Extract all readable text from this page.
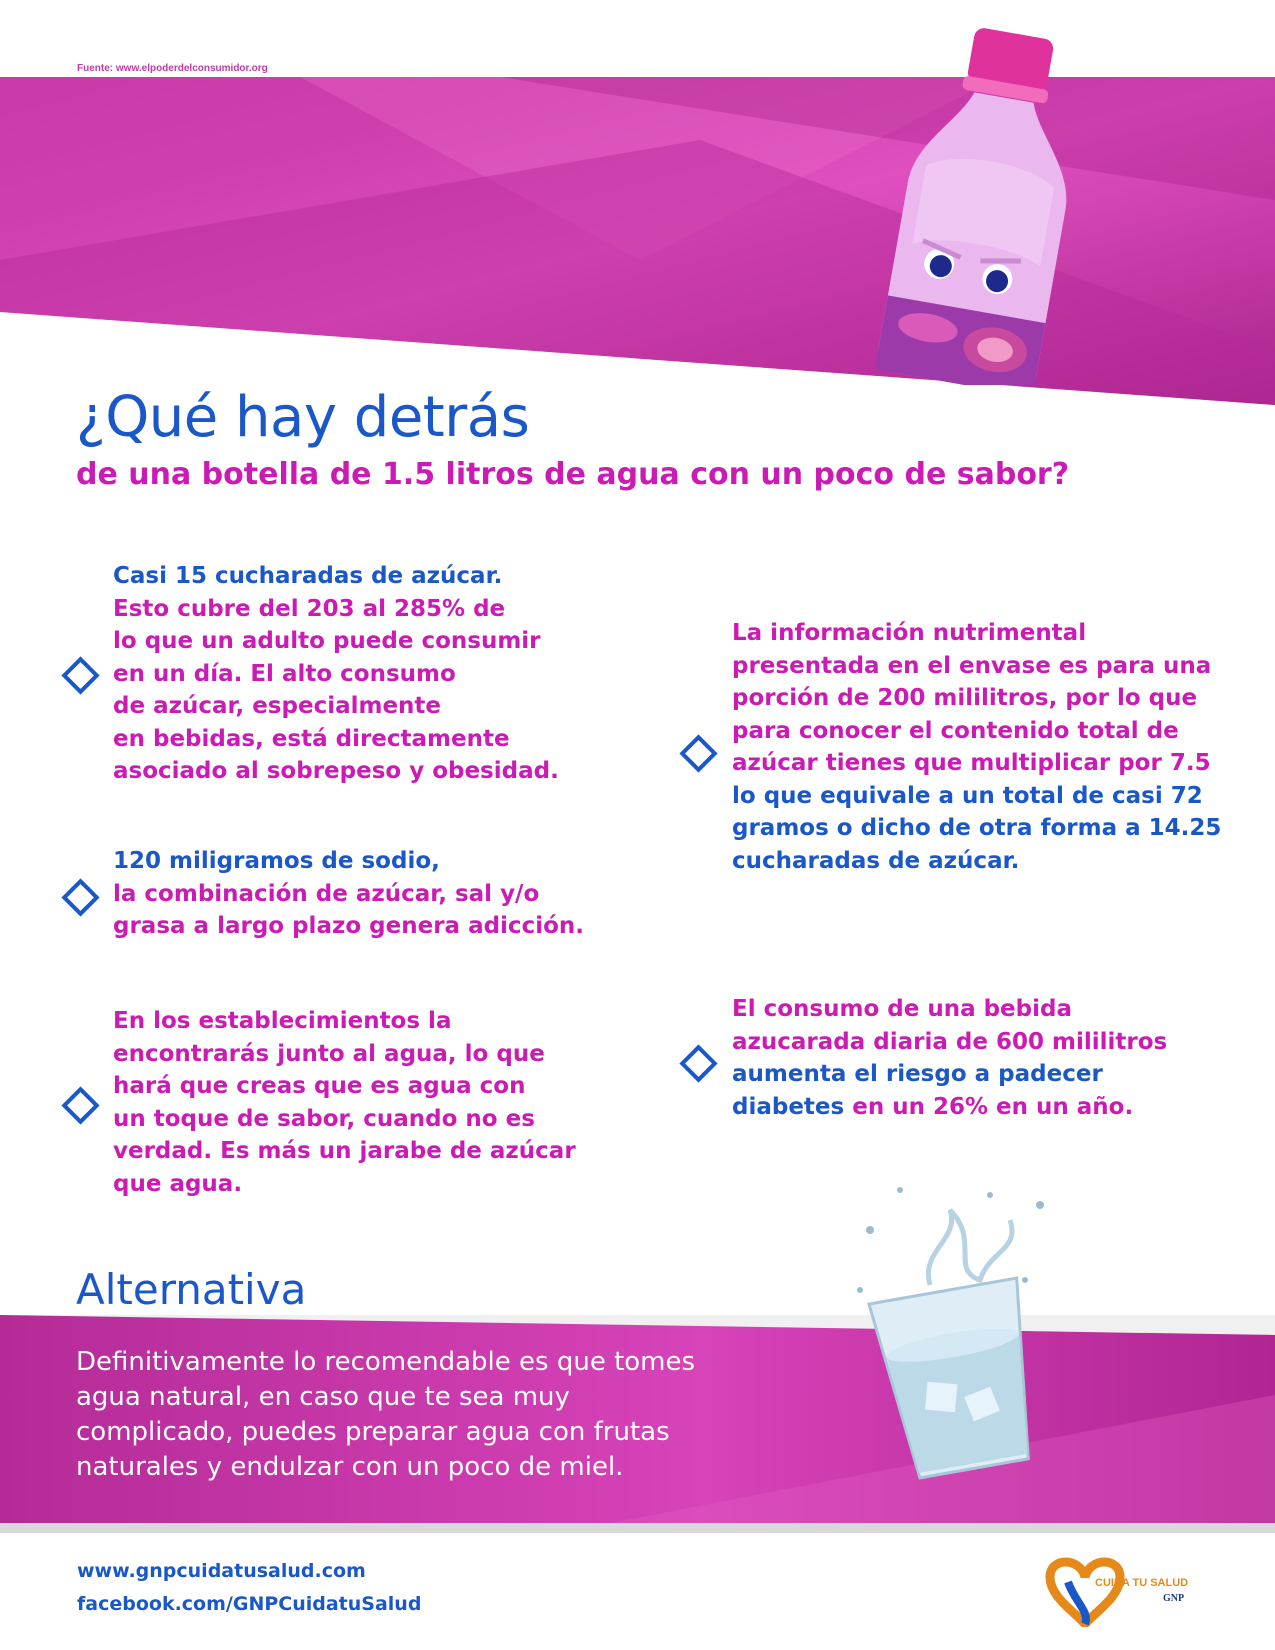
Fuente: www.elpoderdelconsumidor.org
¿Qué hay detrás
de una botella de 1.5 litros de agua con un poco de sabor?
Casi 15 cucharadas de azúcar.
Esto cubre del 203 al 285% de
lo que un adulto puede consumir
en un día. El alto consumo
de azúcar, especialmente
en bebidas, está directamente
asociado al sobrepeso y obesidad.
120 miligramos de sodio,
la combinación de azúcar, sal y/o
grasa a largo plazo genera adicción.
En los establecimientos la
encontrarás junto al agua, lo que
hará que creas que es agua con
un toque de sabor, cuando no es
verdad. Es más un jarabe de azúcar
que agua.
La información nutrimental
presentada en el envase es para una
porción de 200 mililitros, por lo que
para conocer el contenido total de
azúcar tienes que multiplicar por 7.5
lo que equivale a un total de casi 72
gramos o dicho de otra forma a 14.25
cucharadas de azúcar.
El consumo de una bebida
azucarada diaria de 600 mililitros
aumenta el riesgo a padecer
diabetes en un 26% en un año.
Alternativa
Definitivamente lo recomendable es que tomes
agua natural, en caso que te sea muy
complicado, puedes preparar agua con frutas
naturales y endulzar con un poco de miel.
www.gnpcuidatusalud.com
facebook.com/GNPCuidatuSalud
CUIDA TU SALUD
GNP
